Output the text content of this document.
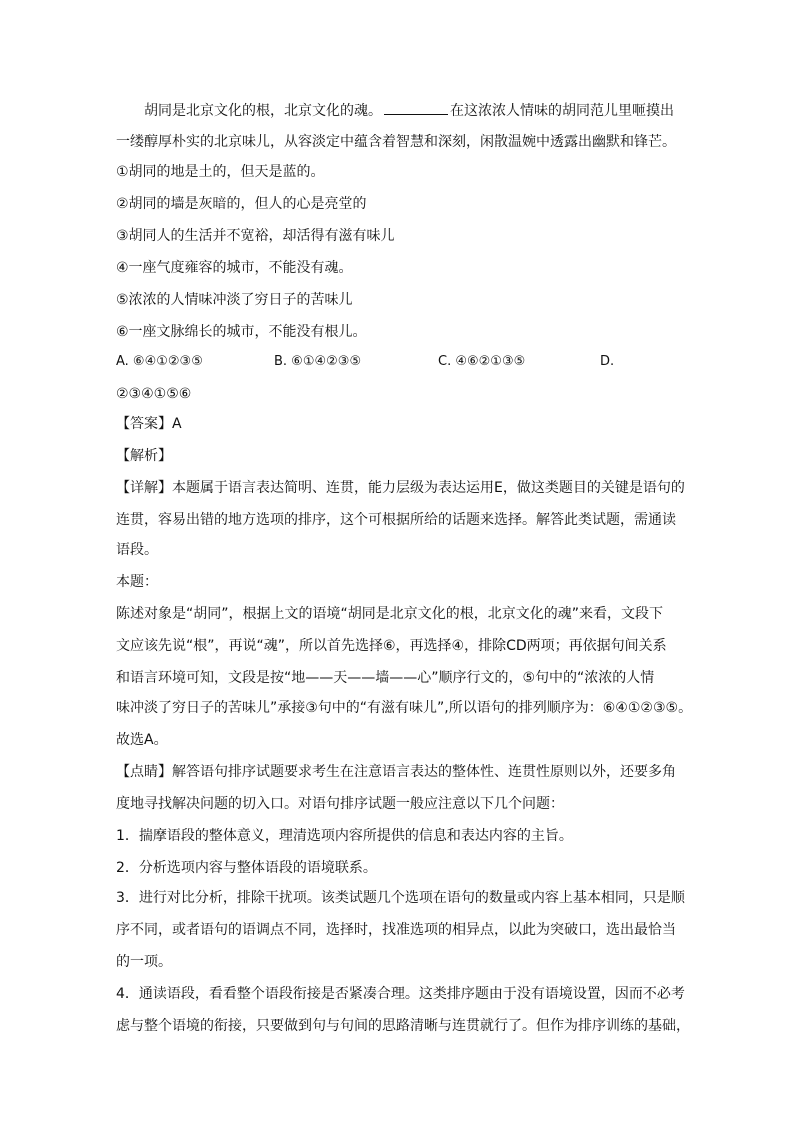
胡同是北京文化的根，北京文化的魂。	在这浓浓人情味的胡同范儿里咂摸出
一缕醇厚朴实的北京味儿，从容淡定中蕴含着智慧和深刻，闲散温婉中透露出幽默和锋芒。
①胡同的地是土的，但天是蓝的。
②胡同的墙是灰暗的，但人的心是亮堂的
③胡同人的生活并不宽裕，却活得有滋有味儿
④一座气度雍容的城市，不能没有魂。
⑤浓浓的人情味冲淡了穷日子的苦味儿
⑥一座文脉绵长的城市，不能没有根儿。
A. ⑥④①②③⑤	B. ⑥①④②③⑤	C. ④⑥②①③⑤	D.
②③④①⑤⑥
【答案】A
【解析】
【详解】本题属于语言表达简明、连贯，能力层级为表达运用E，做这类题目的关键是语句的
连贯，容易出错的地方选项的排序，这个可根据所给的话题来选择。解答此类试题，需通读
语段。
本题：
陈述对象是“胡同”，根据上文的语境“胡同是北京文化的根，北京文化的魂”来看，文段下
文应该先说“根”，再说“魂”，所以首先选择⑥，再选择④，排除CD两项；再依据句间关系
和语言环境可知，文段是按“地——天——墙——心”顺序行文的，⑤句中的“浓浓的人情
味冲淡了穷日子的苦味儿”承接③句中的“有滋有味儿”,所以语句的排列顺序为：⑥④①②③⑤。
故选A。
【点睛】解答语句排序试题要求考生在注意语言表达的整体性、连贯性原则以外，还要多角
度地寻找解决问题的切入口。对语句排序试题一般应注意以下几个问题：
1．揣摩语段的整体意义，理清选项内容所提供的信息和表达内容的主旨。
2．分析选项内容与整体语段的语境联系。
3．进行对比分析，排除干扰项。该类试题几个选项在语句的数量或内容上基本相同，只是顺
序不同，或者语句的语调点不同，选择时，找准选项的相异点，以此为突破口，选出最恰当
的一项。
4．通读语段，看看整个语段衔接是否紧凑合理。这类排序题由于没有语境设置，因而不必考
虑与整个语境的衔接，只要做到句与句间的思路清晰与连贯就行了。但作为排序训练的基础，
